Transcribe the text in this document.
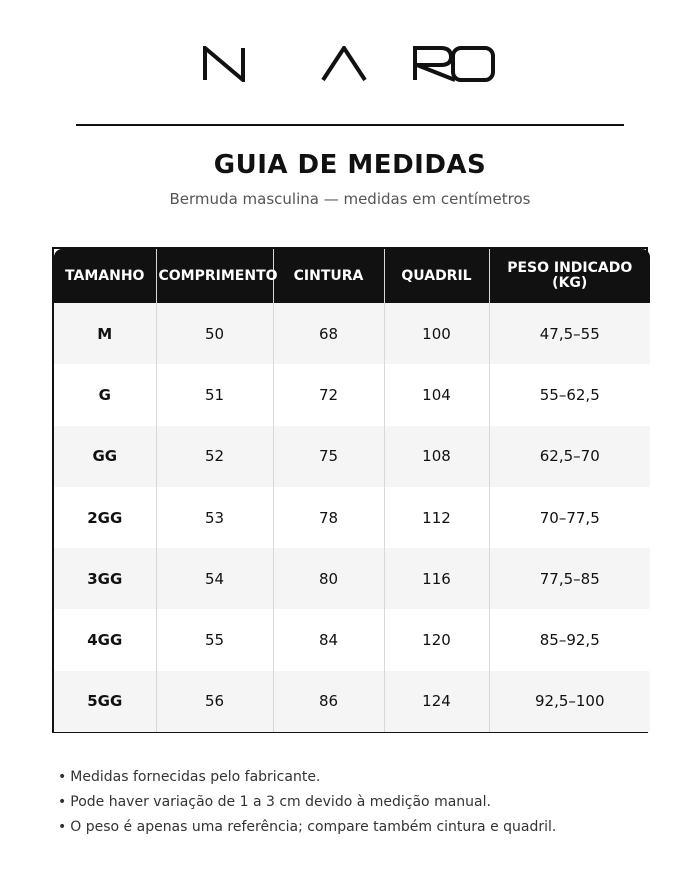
GUIA DE MEDIDAS
Bermuda masculina — medidas em centímetros
TAMANHO	COMPRIMENTO	CINTURA	QUADRIL	PESO INDICADO (KG)
M	50	68	100	47,5–55
G	51	72	104	55–62,5
GG	52	75	108	62,5–70
2GG	53	78	112	70–77,5
3GG	54	80	116	77,5–85
4GG	55	84	120	85–92,5
5GG	56	86	124	92,5–100
• Medidas fornecidas pelo fabricante.
• Pode haver variação de 1 a 3 cm devido à medição manual.
• O peso é apenas uma referência; compare também cintura e quadril.
